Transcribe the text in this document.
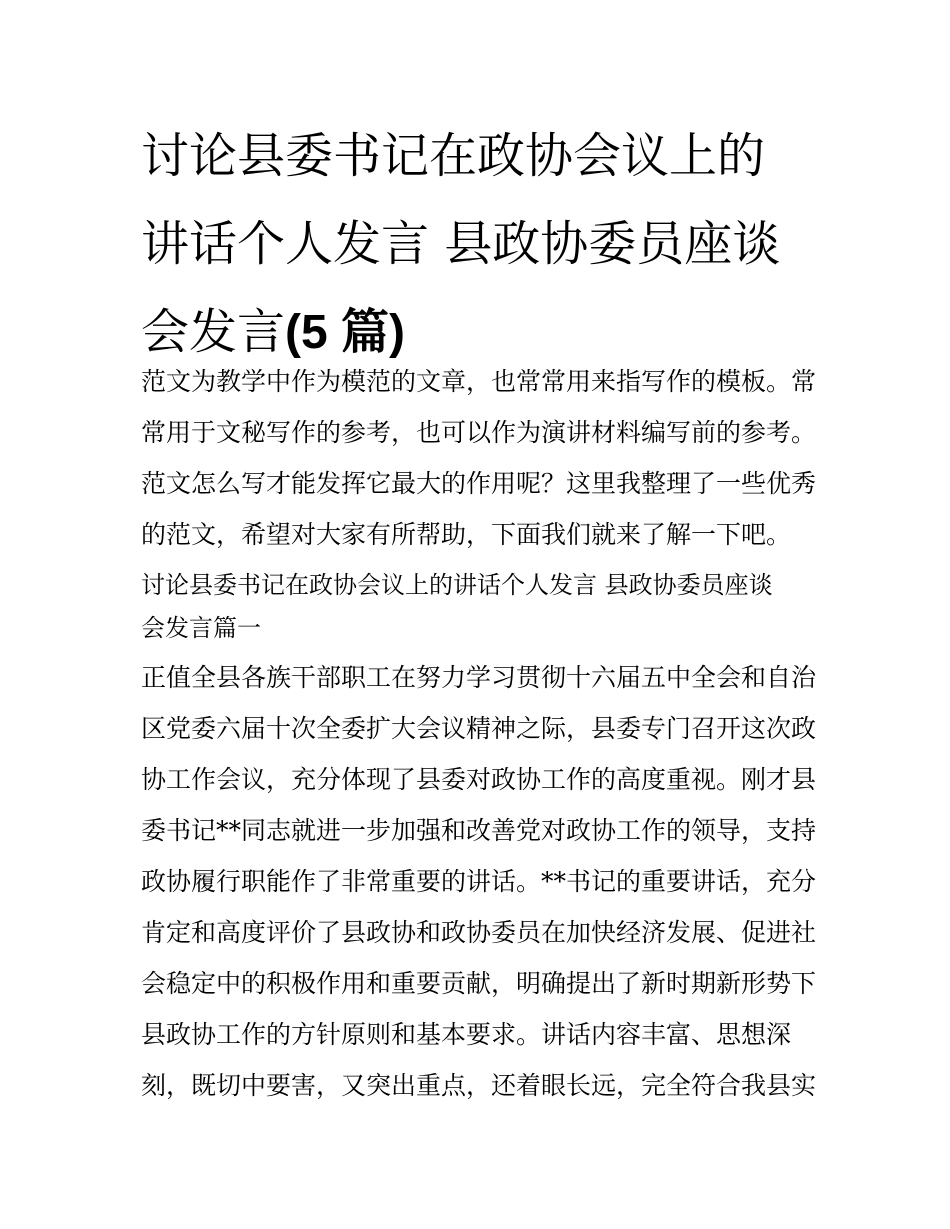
讨论县委书记在政协会议上的
讲话个人发言 县政协委员座谈
会发言(5 篇)
范文为教学中作为模范的文章，也常常用来指写作的模板。常
常用于文秘写作的参考，也可以作为演讲材料编写前的参考。
范文怎么写才能发挥它最大的作用呢？这里我整理了一些优秀
的范文，希望对大家有所帮助，下面我们就来了解一下吧。
讨论县委书记在政协会议上的讲话个人发言 县政协委员座谈
会发言篇一
正值全县各族干部职工在努力学习贯彻十六届五中全会和自治
区党委六届十次全委扩大会议精神之际，县委专门召开这次政
协工作会议，充分体现了县委对政协工作的高度重视。刚才县
委书记**同志就进一步加强和改善党对政协工作的领导，支持
政协履行职能作了非常重要的讲话。**书记的重要讲话，充分
肯定和高度评价了县政协和政协委员在加快经济发展、促进社
会稳定中的积极作用和重要贡献，明确提出了新时期新形势下
县政协工作的方针原则和基本要求。讲话内容丰富、思想深
刻，既切中要害，又突出重点，还着眼长远，完全符合我县实
